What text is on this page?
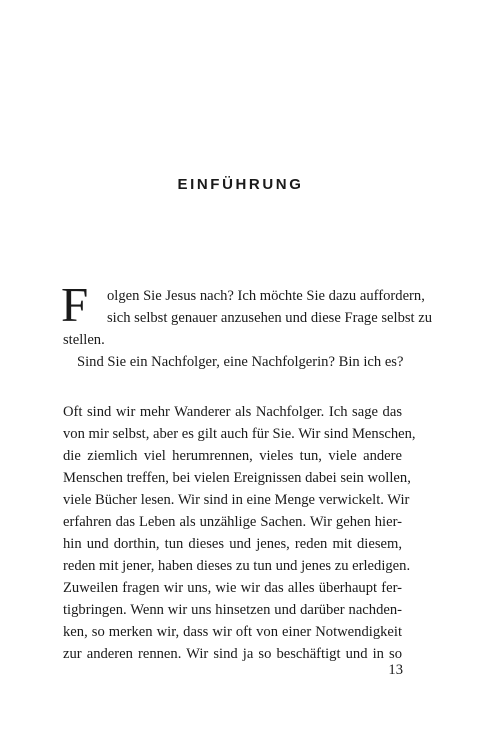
EINFÜHRUNG
F	olgen Sie Jesus nach? Ich möchte Sie dazu auffordern,
sich selbst genauer anzusehen und diese Frage selbst zu
stellen.
Sind Sie ein Nachfolger, eine Nachfolgerin? Bin ich es?
Oft sind wir mehr Wanderer als Nachfolger. Ich sage das
von mir selbst, aber es gilt auch für Sie. Wir sind Menschen,
die ziemlich viel herumrennen, vieles tun, viele andere
Menschen treffen, bei vielen Ereignissen dabei sein wollen,
viele Bücher lesen. Wir sind in eine Menge verwickelt. Wir
erfahren das Leben als unzählige Sachen. Wir gehen hier-
hin und dorthin, tun dieses und jenes, reden mit diesem,
reden mit jener, haben dieses zu tun und jenes zu erledigen.
Zuweilen fragen wir uns, wie wir das alles überhaupt fer-
tigbringen. Wenn wir uns hinsetzen und darüber nachden-
ken, so merken wir, dass wir oft von einer Notwendigkeit
zur anderen rennen. Wir sind ja so beschäftigt und in so
13
